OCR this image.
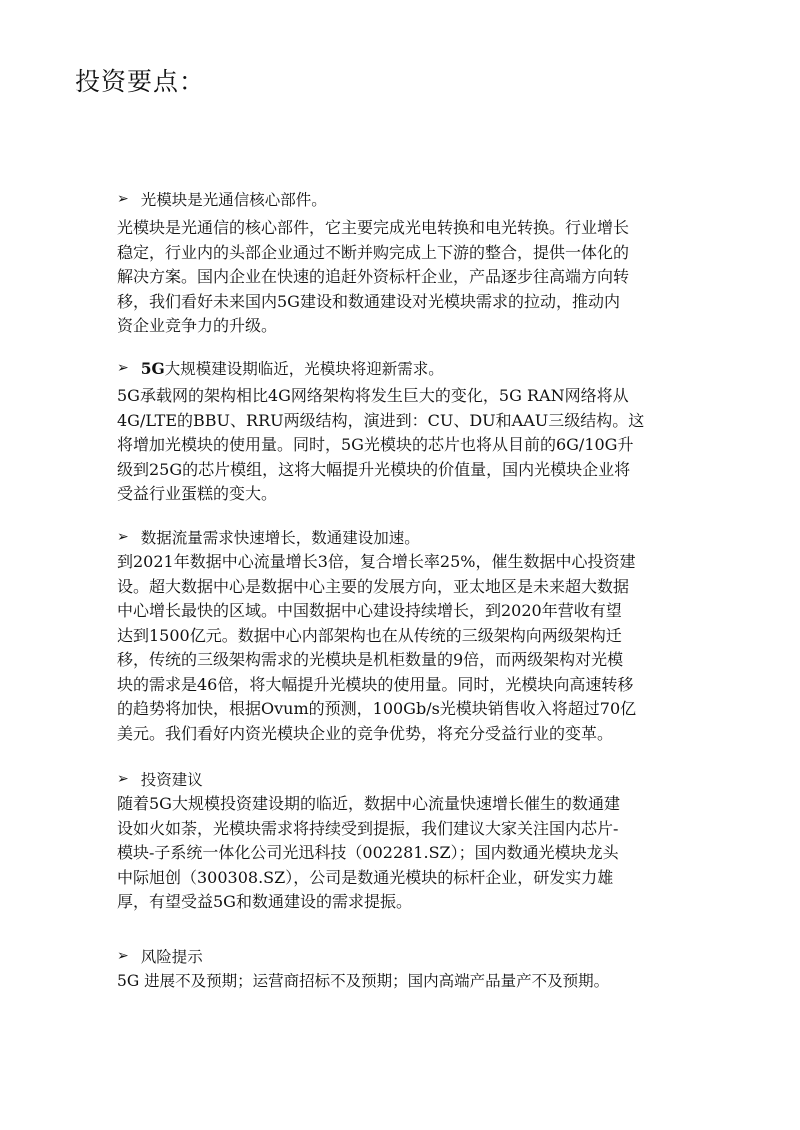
投资要点：
➢ 光模块是光通信核心部件。
光模块是光通信的核心部件，它主要完成光电转换和电光转换。行业增长
稳定，行业内的头部企业通过不断并购完成上下游的整合，提供一体化的
解决方案。国内企业在快速的追赶外资标杆企业，产品逐步往高端方向转
移，我们看好未来国内5G建设和数通建设对光模块需求的拉动，推动内
资企业竞争力的升级。
➢ 5G 大规模建设期临近，光模块将迎新需求。
5G承载网的架构相比4G网络架构将发生巨大的变化，5G RAN网络将从
4G/LTE的BBU、RRU两级结构，演进到：CU、DU和AAU三级结构。这
将增加光模块的使用量。同时，5G光模块的芯片也将从目前的6G/10G升
级到25G的芯片模组，这将大幅提升光模块的价值量，国内光模块企业将
受益行业蛋糕的变大。
➢ 数据流量需求快速增长，数通建设加速。
到2021年数据中心流量增长3倍，复合增长率25%，催生数据中心投资建
设。超大数据中心是数据中心主要的发展方向，亚太地区是未来超大数据
中心增长最快的区域。中国数据中心建设持续增长，到2020年营收有望
达到1500亿元。数据中心内部架构也在从传统的三级架构向两级架构迁
移，传统的三级架构需求的光模块是机柜数量的9倍，而两级架构对光模
块的需求是46倍，将大幅提升光模块的使用量。同时，光模块向高速转移
的趋势将加快，根据Ovum的预测，100Gb/s光模块销售收入将超过70亿
美元。我们看好内资光模块企业的竞争优势，将充分受益行业的变革。
➢ 投资建议
随着5G大规模投资建设期的临近，数据中心流量快速增长催生的数通建
设如火如荼，光模块需求将持续受到提振，我们建议大家关注国内芯片-
模块-子系统一体化公司光迅科技（002281.SZ）；国内数通光模块龙头
中际旭创（300308.SZ），公司是数通光模块的标杆企业，研发实力雄
厚，有望受益5G和数通建设的需求提振。
➢ 风险提示
5G 进展不及预期；运营商招标不及预期；国内高端产品量产不及预期。
